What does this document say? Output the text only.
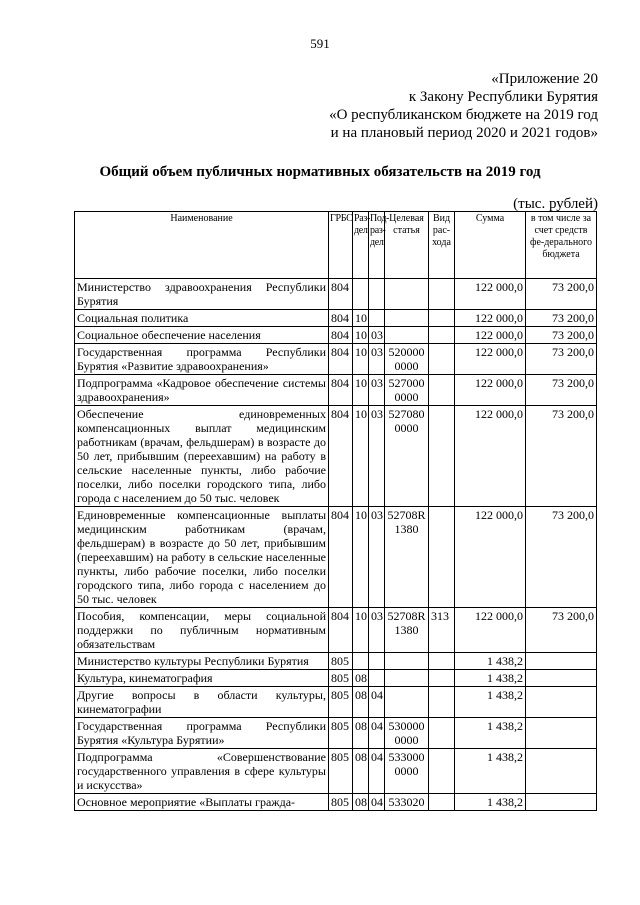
591
«Приложение 20
к Закону Республики Бурятия
«О республиканском бюджете на 2019 год
и на плановый период 2020 и 2021 годов»
Общий объем публичных нормативных обязательств на 2019 год
(тыс. рублей)
Наименование	ГРБС	Раз-дел	Под-раз-дел	Целевая статья	Вид рас-хода	Сумма	в том числе за счет средств фе-дерального бюджета
Министерство здравоохранения Республики Бурятия	804					122 000,0	73 200,0
Социальная политика	804	10				122 000,0	73 200,0
Социальное обеспечение населения	804	10	03			122 000,0	73 200,0
Государственная программа Республики Бурятия «Развитие здравоохранения»	804	10	03	5200000000		122 000,0	73 200,0
Подпрограмма «Кадровое обеспечение системы здравоохранения»	804	10	03	5270000000		122 000,0	73 200,0
Обеспечение единовременных компенсационных выплат медицинским работникам (врачам, фельдшерам) в возрасте до 50 лет, прибывшим (переехавшим) на работу в сельские населенные пункты, либо рабочие поселки, либо поселки городского типа, либо города с населением до 50 тыс. человек	804	10	03	5270800000		122 000,0	73 200,0
Единовременные компенсационные выплаты медицинским работникам (врачам, фельдшерам) в возрасте до 50 лет, прибывшим (переехавшим) на работу в сельские населенные пункты, либо рабочие поселки, либо поселки городского типа, либо города с населением до 50 тыс. человек	804	10	03	52708R1380		122 000,0	73 200,0
Пособия, компенсации, меры социальной поддержки по публичным нормативным обязательствам	804	10	03	52708R1380	313	122 000,0	73 200,0
Министерство культуры Республики Бурятия	805					1 438,2	
Культура, кинематография	805	08				1 438,2	
Другие вопросы в области культуры, кинематографии	805	08	04			1 438,2	
Государственная программа Республики Бурятия «Культура Бурятии»	805	08	04	5300000000		1 438,2	
Подпрограмма «Совершенствование государственного управления в сфере культуры и искусства»	805	08	04	5330000000		1 438,2	
Основное мероприятие «Выплаты гражда-	805	08	04	533020		1 438,2	
